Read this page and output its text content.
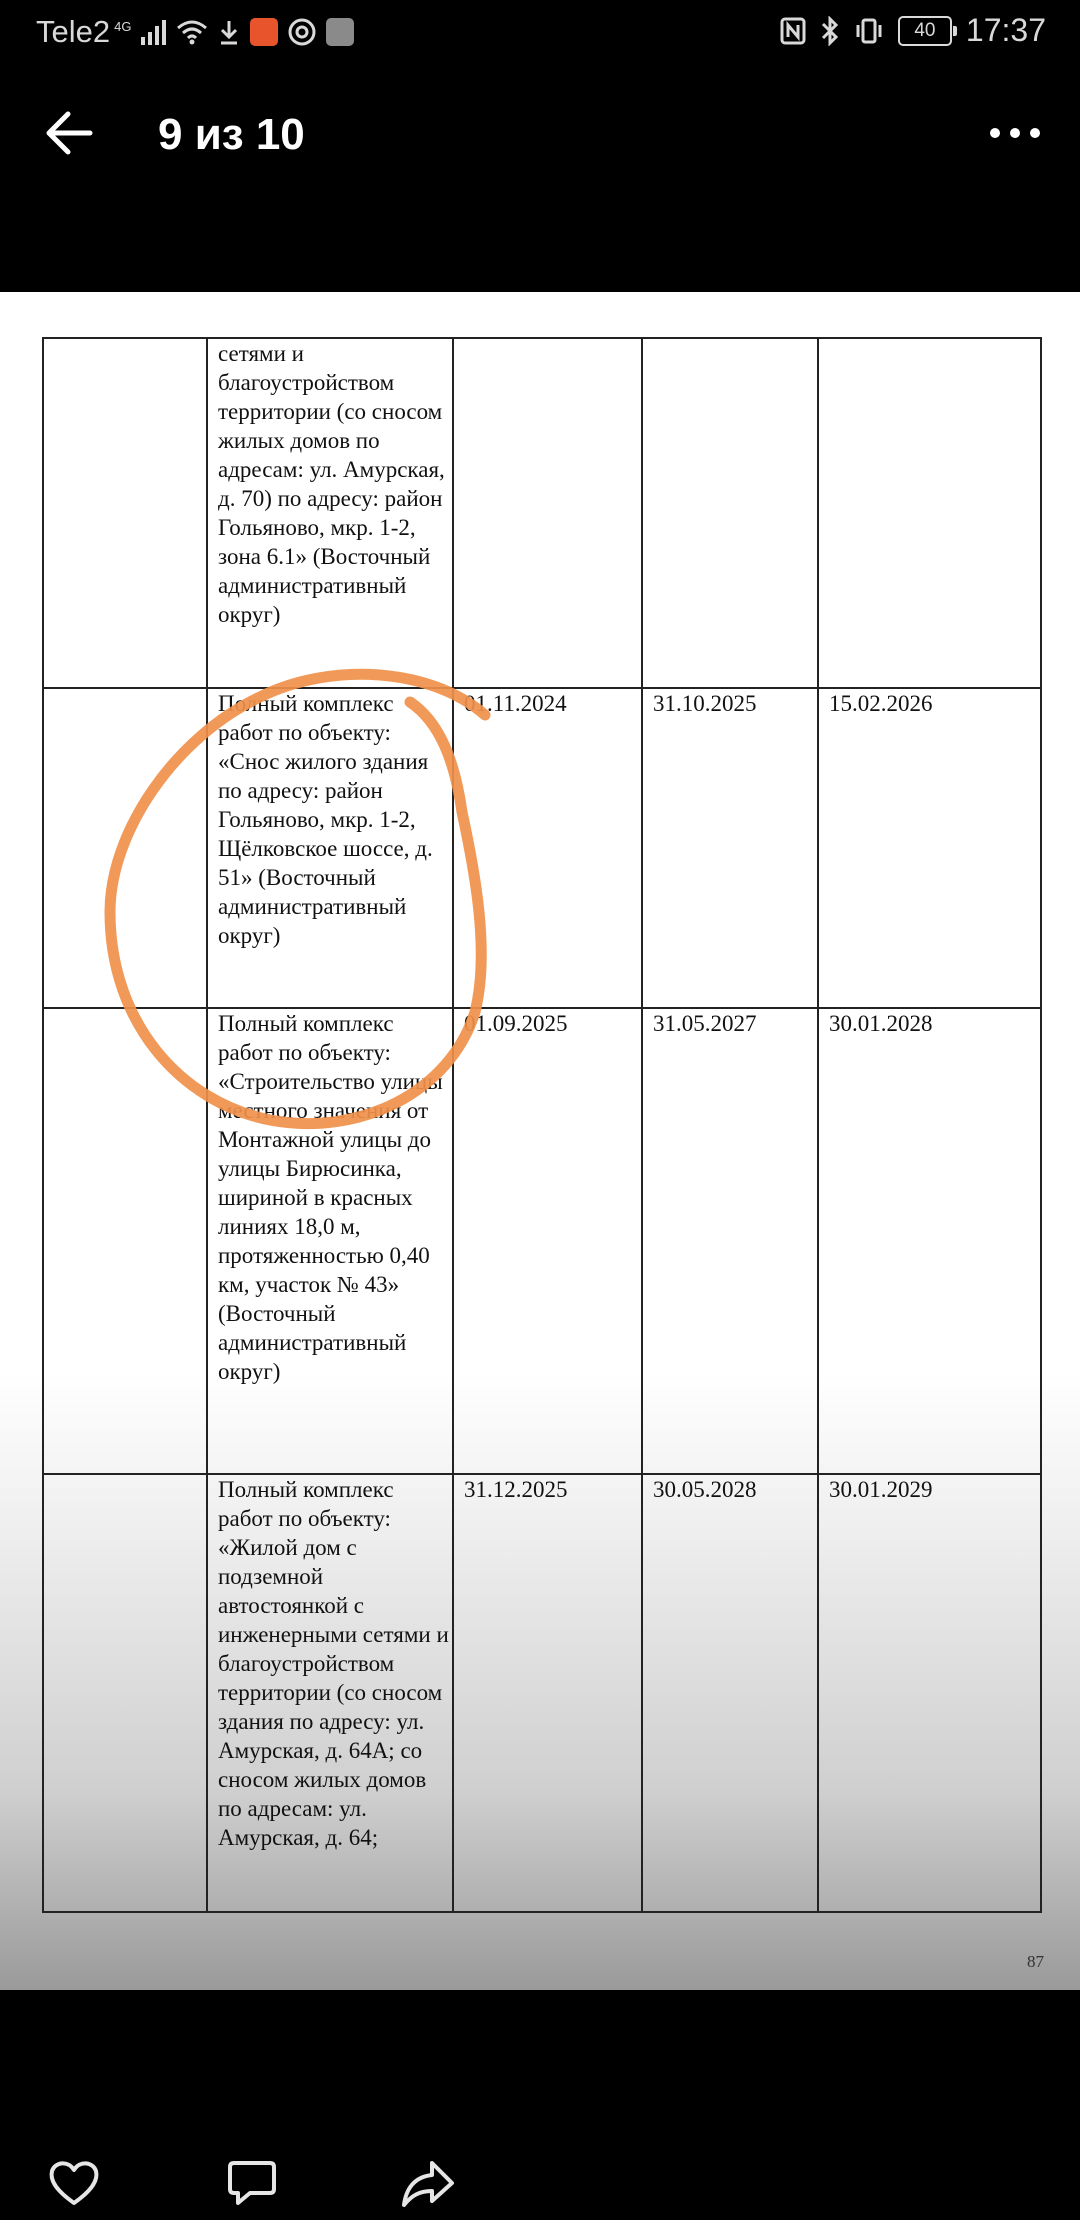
Tele2 4G	40 17:37
9 из 10
	сетями и благоустройством территории (со сносом жилых домов по адресам: ул. Амурская, д. 70) по адресу: район Гольяново, мкр. 1-2, зона 6.1» (Восточный административный округ)			
	Полный комплекс работ по объекту: «Снос жилого здания по адресу: район Гольяново, мкр. 1-2, Щёлковское шоссе, д. 51» (Восточный административный округ)	01.11.2024	31.10.2025	15.02.2026
	Полный комплекс работ по объекту: «Строительство улицы местного значения от Монтажной улицы до улицы Бирюсинка, шириной в красных линиях 18,0 м, протяженностью 0,40 км, участок № 43» (Восточный административный округ)	01.09.2025	31.05.2027	30.01.2028
	Полный комплекс работ по объекту: «Жилой дом с подземной автостоянкой с инженерными сетями и благоустройством территории (со сносом здания по адресу: ул. Амурская, д. 64А; со сносом жилых домов по адресам: ул. Амурская, д. 64;	31.12.2025	30.05.2028	30.01.2029
87
